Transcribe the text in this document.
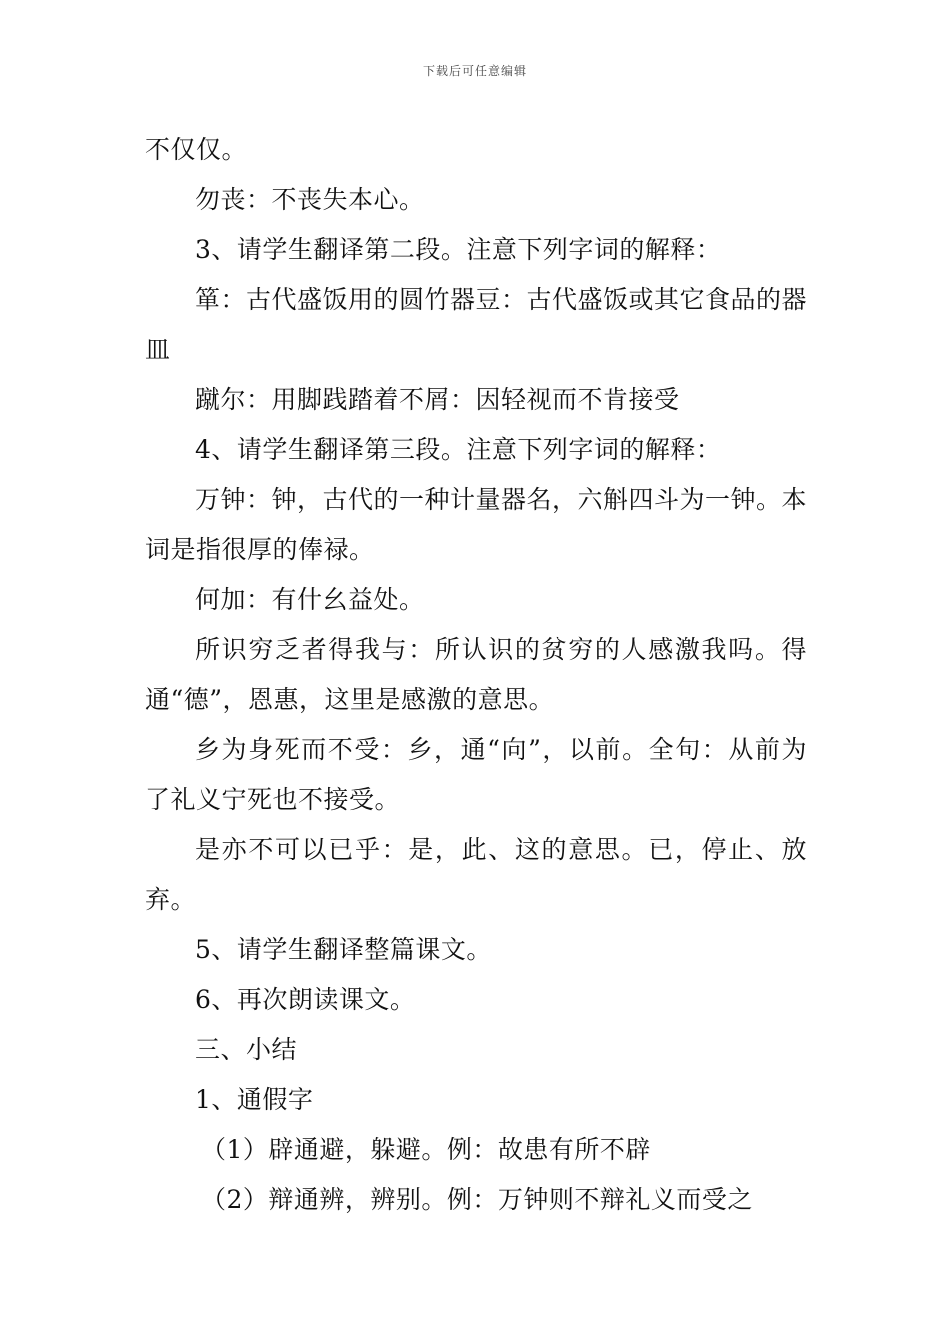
下载后可任意编辑

不仅仅。

勿丧：不丧失本心。

3、请学生翻译第二段。注意下列字词的解释：

箪：古代盛饭用的圆竹器豆：古代盛饭或其它食品的器皿

蹴尔：用脚践踏着不屑：因轻视而不肯接受

4、请学生翻译第三段。注意下列字词的解释：

万钟：钟，古代的一种计量器名，六斛四斗为一钟。本词是指很厚的俸禄。

何加：有什幺益处。

所识穷乏者得我与：所认识的贫穷的人感激我吗。得通“德”，恩惠，这里是感激的意思。

乡为身死而不受：乡，通“向”，以前。全句：从前为了礼义宁死也不接受。

是亦不可以已乎：是，此、这的意思。已，停止、放弃。

5、请学生翻译整篇课文。

6、再次朗读课文。

三、小结

1、通假字

（1）辟通避，躲避。例：故患有所不辟

（2）辩通辨，辨别。例：万钟则不辩礼义而受之
